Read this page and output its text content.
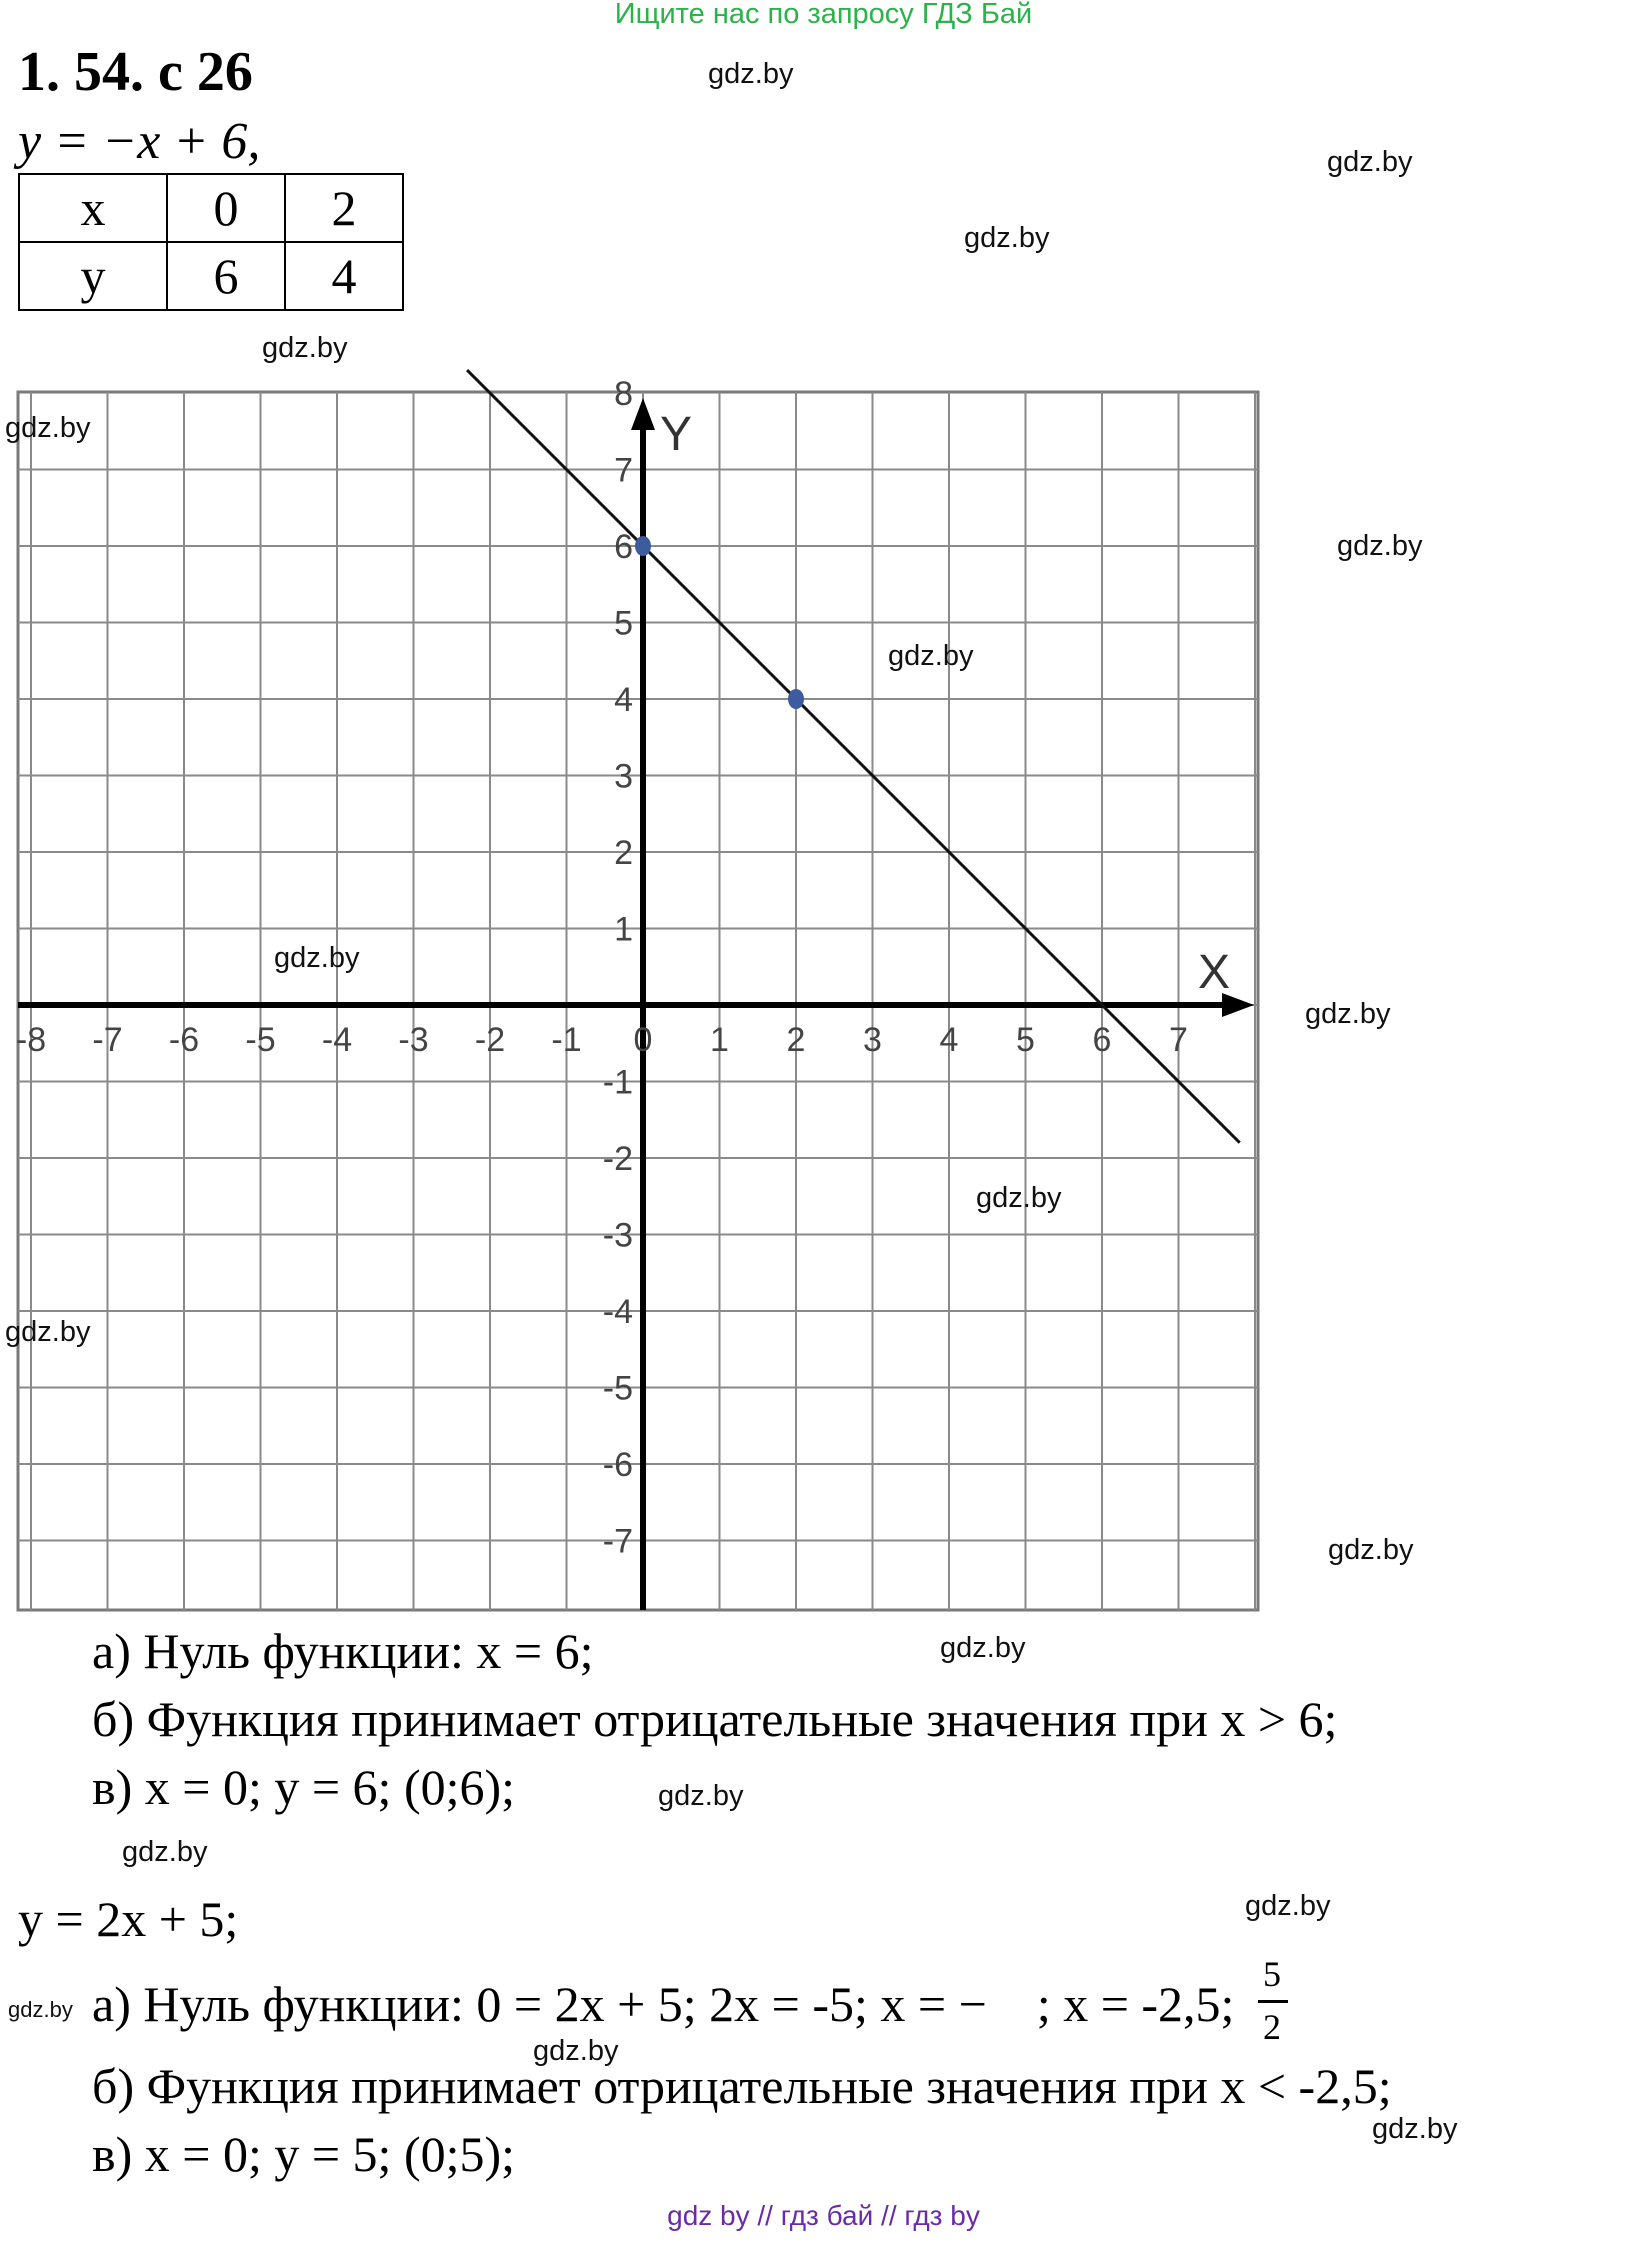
Ищите нас по запросу ГДЗ Бай
1. 54. с 26
y = −x + 6,
x	0	2
y	6	4
X
Y
-8 -7 -6 -5 -4 -3 -2 -1 0 1 2 3 4 5 6 7
1
2
3
4
5
6
7
8
-1
-2
-3
-4
-5
-6
-7
а) Нуль функции: x = 6;
б) Функция принимает отрицательные значения при x > 6;
в) x = 0; y = 6; (0;6);
y = 2x + 5;
а) Нуль функции: 0 = 2x + 5; 2x = -5; x = − ; x = -2,5;
5
2
б) Функция принимает отрицательные значения при x < -2,5;
в) x = 0; y = 5; (0;5);
gdz.by
gdz.by
gdz.by
gdz.by
gdz.by
gdz.by
gdz.by
gdz.by
gdz.by
gdz.by
gdz.by
gdz.by
gdz.by
gdz.by
gdz.by
gdz.by
gdz.by
gdz.by
gdz.by
gdz by // гдз бай // гдз by
